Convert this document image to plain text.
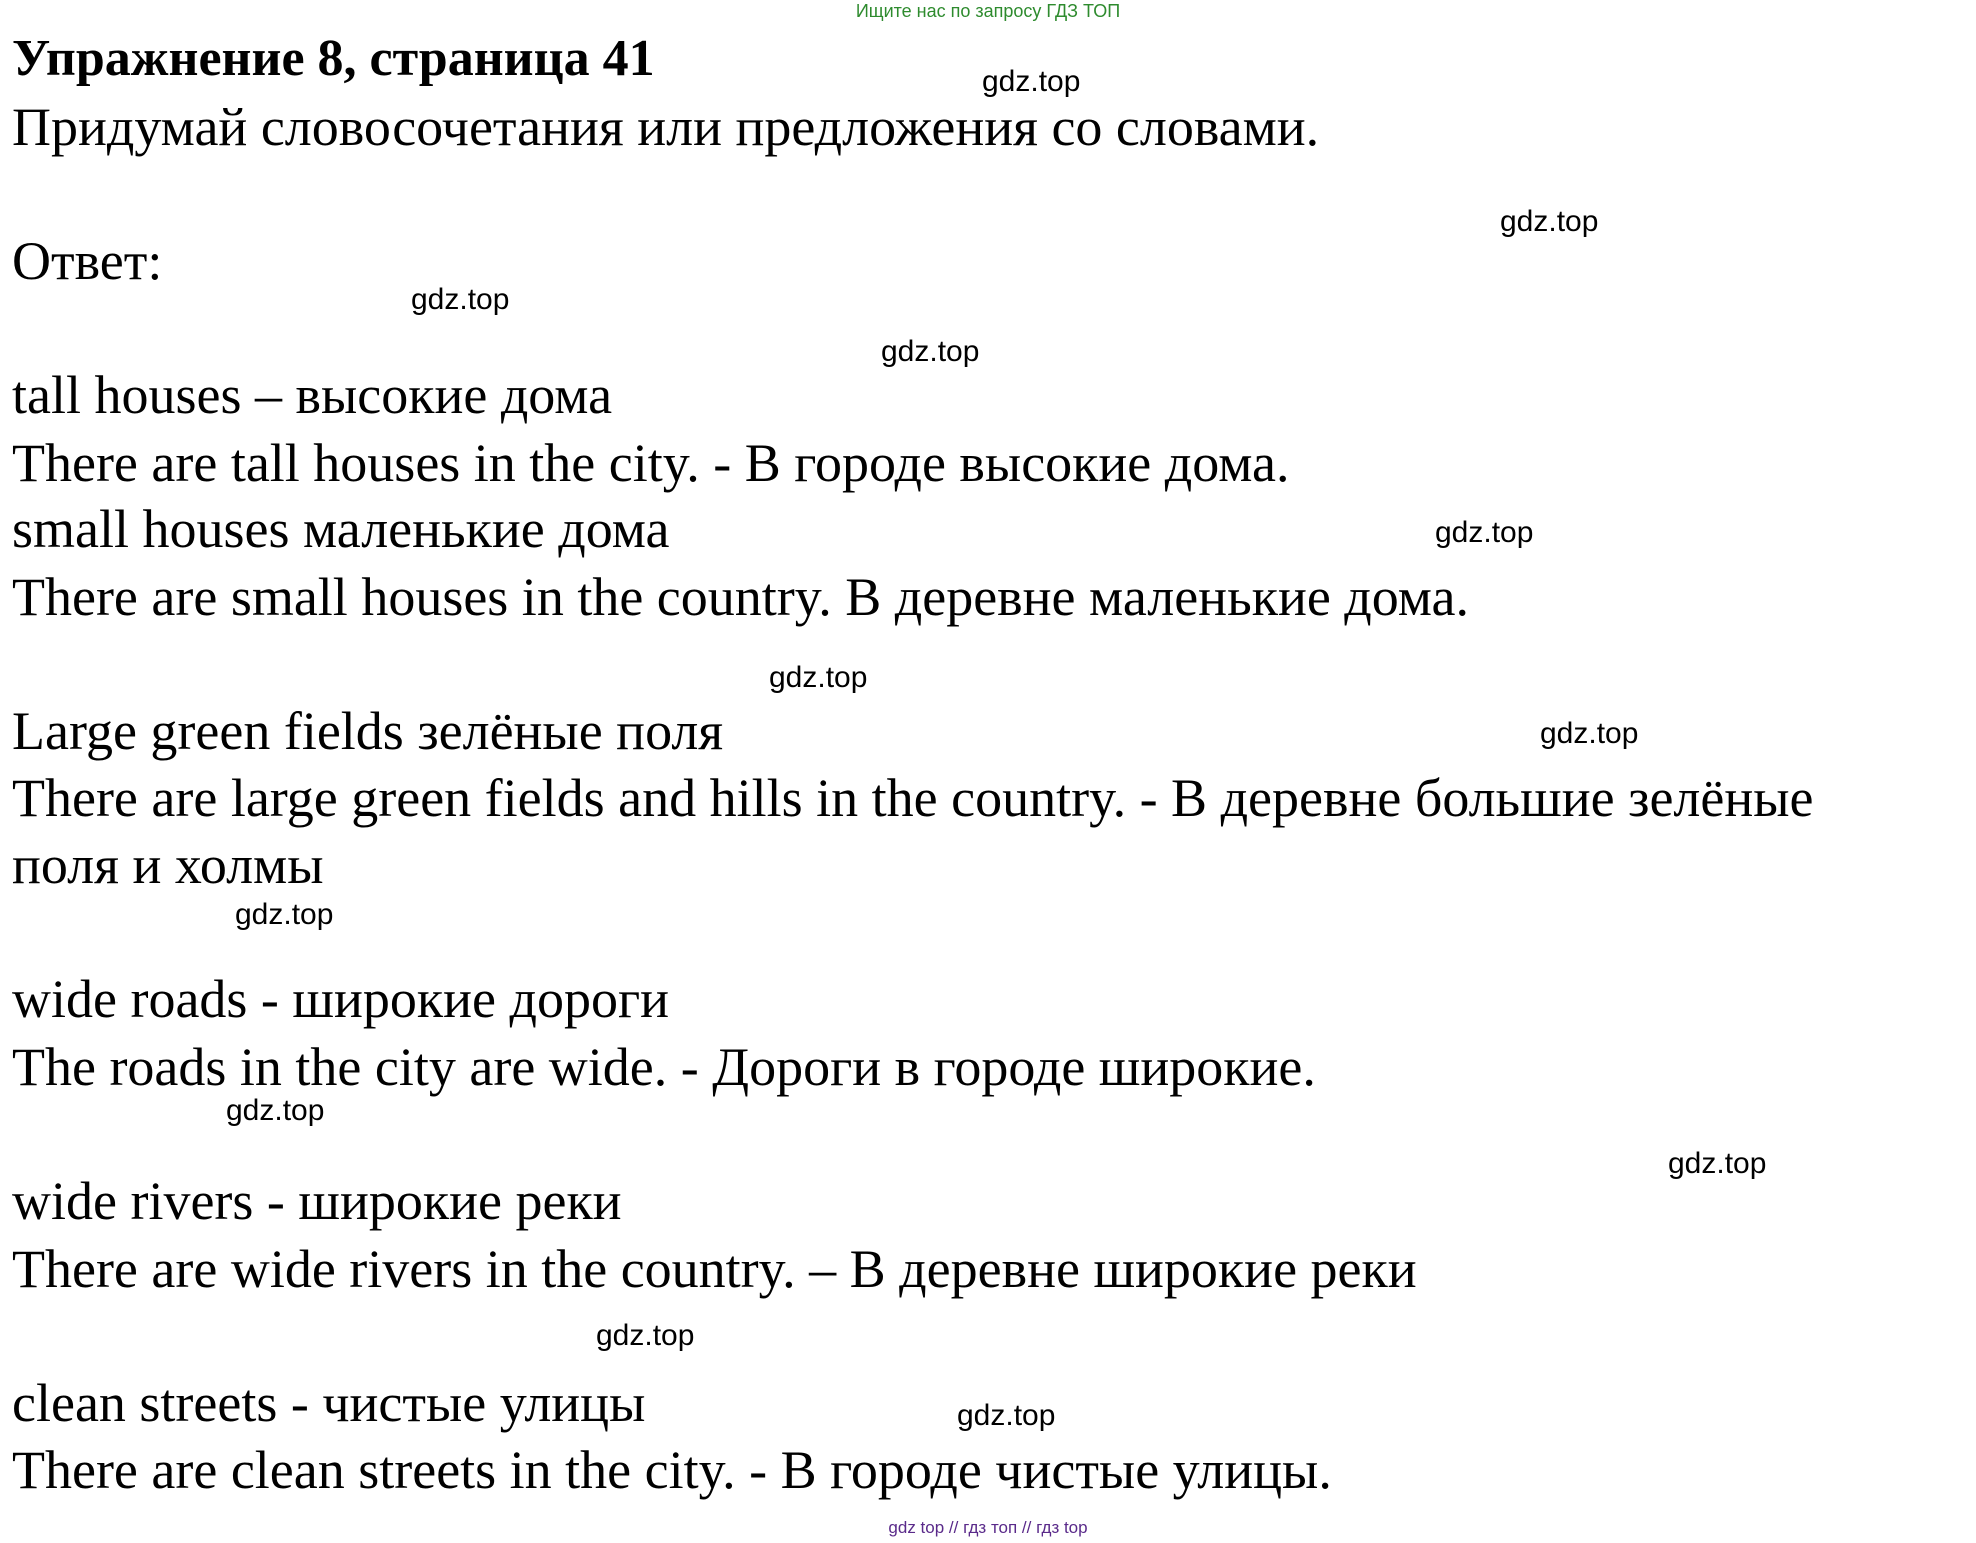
Ищите нас по запросу ГДЗ ТОП
Упражнение 8, страница 41

Придумай словосочетания или предложения со словами.

Ответ:

tall houses – высокие дома

There are tall houses in the city. - В городе высокие дома.

small houses маленькие дома

There are small houses in the country. В деревне маленькие дома.

Large green fields зелёные поля

There are large green fields and hills in the country. - В деревне большие зелёные

поля и холмы

wide roads - широкие дороги

The roads in the city are wide. - Дороги в городе широкие.

wide rivers - широкие реки

There are wide rivers in the country. – В деревне широкие реки

clean streets - чистые улицы

There are clean streets in the city. - В городе чистые улицы.

gdz.top
gdz.top
gdz.top
gdz.top
gdz.top
gdz.top
gdz.top
gdz.top
gdz.top
gdz.top
gdz.top
gdz.top
gdz top // гдз топ // гдз top
